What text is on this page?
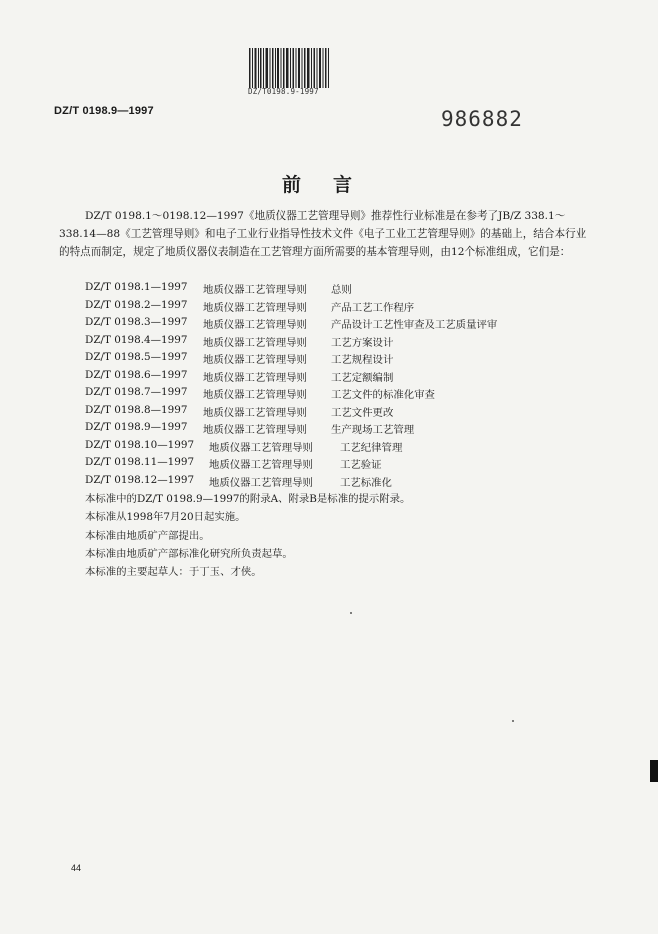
DZ/T0198.9-1997
DZ/T 0198.9—1997	986882
前言
DZ/T 0198.1～0198.12—1997《地质仪器工艺管理导则》推荐性行业标准是在参考了JB/Z 338.1～338.14—88《工艺管理导则》和电子工业行业指导性技术文件《电子工业工艺管理导则》的基础上，结合本行业的特点而制定，规定了地质仪器仪表制造在工艺管理方面所需要的基本管理导则，由12个标准组成，它们是：
DZ/T 0198.1—1997 地质仪器工艺管理导则 总则
DZ/T 0198.2—1997 地质仪器工艺管理导则 产品工艺工作程序
DZ/T 0198.3—1997 地质仪器工艺管理导则 产品设计工艺性审查及工艺质量评审
DZ/T 0198.4—1997 地质仪器工艺管理导则 工艺方案设计
DZ/T 0198.5—1997 地质仪器工艺管理导则 工艺规程设计
DZ/T 0198.6—1997 地质仪器工艺管理导则 工艺定额编制
DZ/T 0198.7—1997 地质仪器工艺管理导则 工艺文件的标准化审查
DZ/T 0198.8—1997 地质仪器工艺管理导则 工艺文件更改
DZ/T 0198.9—1997 地质仪器工艺管理导则 生产现场工艺管理
DZ/T 0198.10—1997 地质仪器工艺管理导则	工艺纪律管理
DZ/T 0198.11—1997 地质仪器工艺管理导则	工艺验证
DZ/T 0198.12—1997 地质仪器工艺管理导则	工艺标准化
本标准中的DZ/T 0198.9—1997的附录A、附录B是标准的提示附录。
本标准从1998年7月20日起实施。
本标准由地质矿产部提出。
本标准由地质矿产部标准化研究所负责起草。
本标准的主要起草人：于丁玉、才侠。
44
